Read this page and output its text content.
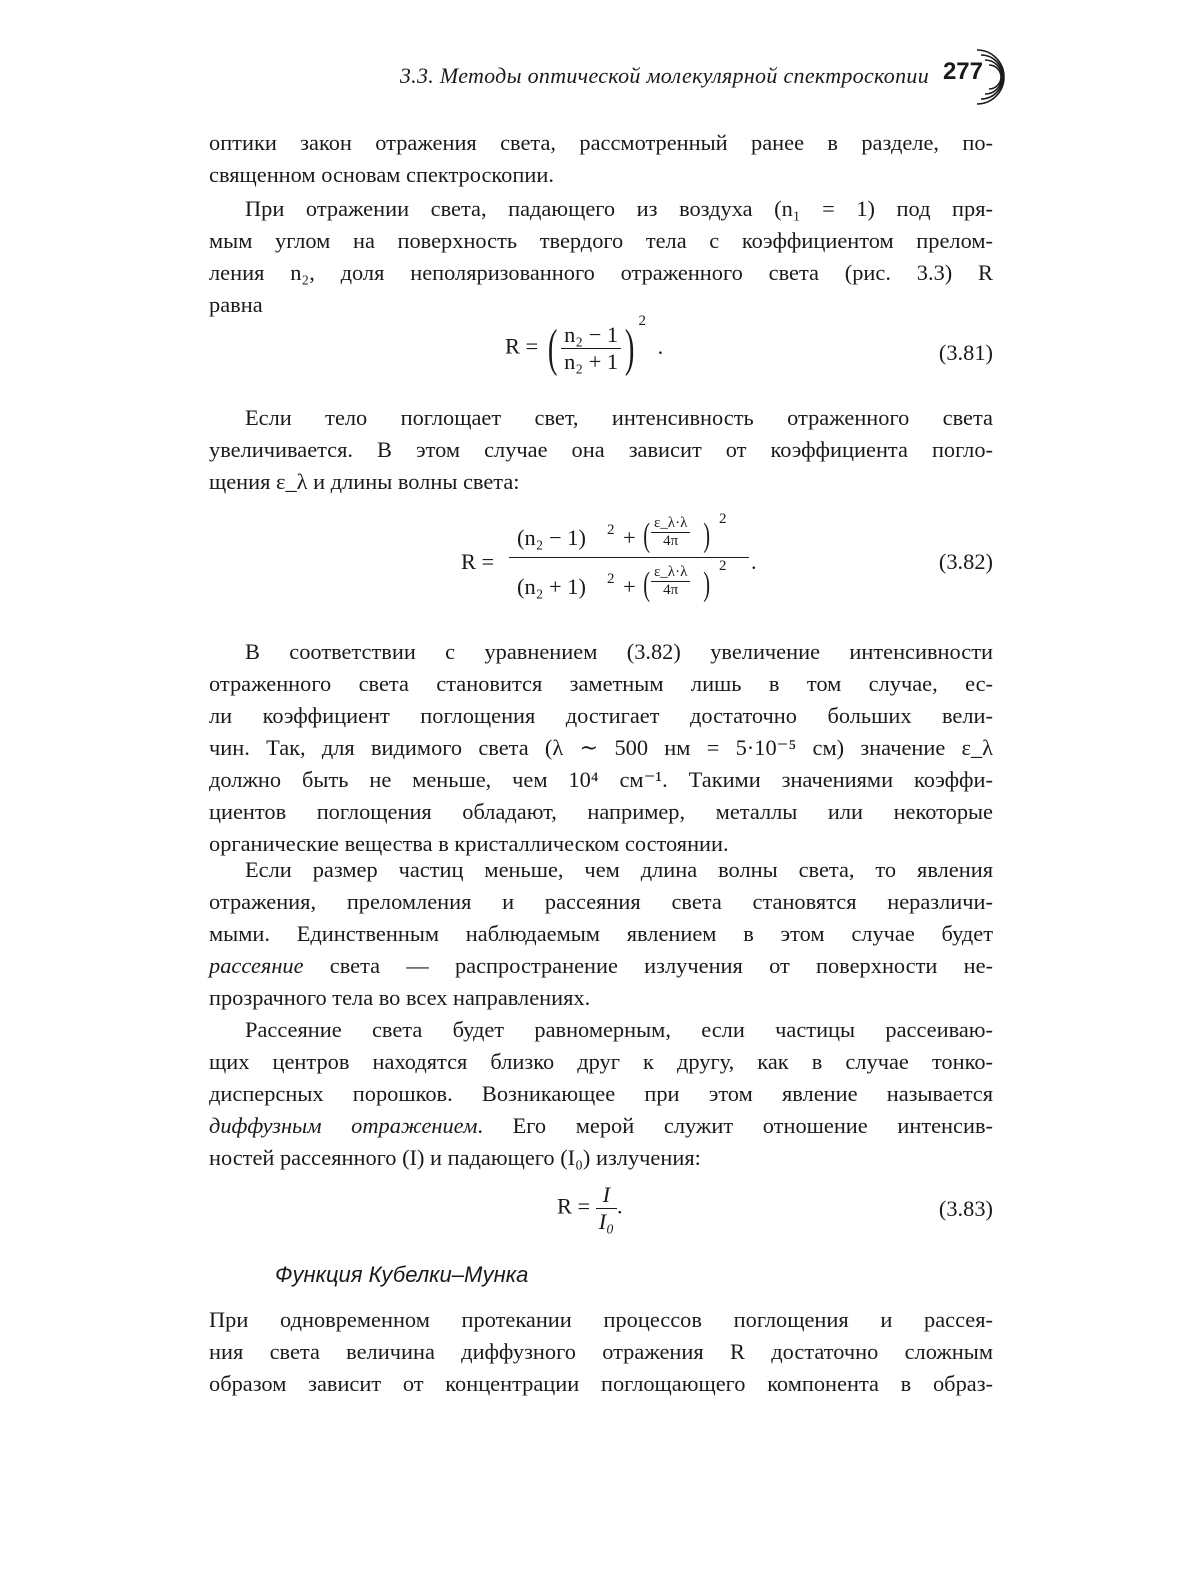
3.3. Методы оптической молекулярной спектроскопии 277
оптики закон отражения света, рассмотренный ранее в разделе, по-
священном основам спектроскопии.
При отражении света, падающего из воздуха (n₁ = 1) под пря-
мым углом на поверхность твердого тела с коэффициентом прелом-
ления n₂, доля неполяризованного отраженного света (рис. 3.3) R
равна
R = ( $\frac{\text{n₂ − 1}}{\text{n₂ + 1}}$ ) $^2$ .	(3.81)
Если тело поглощает свет, интенсивность отраженного света
увеличивается. В этом случае она зависит от коэффициента погло-
щения ε_λ и длины волны света:
R =
(n₂ − 1) 2 + ( $\frac{\varepsilon\_\lambda\cdot\lambda}{4\pi}$ ) 2
(n₂ + 1) 2 + ( $\frac{\varepsilon\_\lambda\cdot\lambda}{4\pi}$ ) 2 .	(3.82)
В соответствии с уравнением (3.82) увеличение интенсивности
отраженного света становится заметным лишь в том случае, ес-
ли коэффициент поглощения достигает достаточно больших вели-
чин. Так, для видимого света (λ ∼ 500 нм = 5·10⁻⁵ см) значение ε_λ
должно быть не меньше, чем 10⁴ см⁻¹. Такими значениями коэффи-
циентов поглощения обладают, например, металлы или некоторые
органические вещества в кристаллическом состоянии.
Если размер частиц меньше, чем длина волны света, то явления
отражения, преломления и рассеяния света становятся неразличи-
мыми. Единственным наблюдаемым явлением в этом случае будет
рассеяние света — распространение излучения от поверхности не-
прозрачного тела во всех направлениях.
Рассеяние света будет равномерным, если частицы рассеиваю-
щих центров находятся близко друг к другу, как в случае тонко-
дисперсных порошков. Возникающее при этом явление называется
диффузным отражением. Его мерой служит отношение интенсив-
ностей рассеянного (I) и падающего (I₀) излучения:
$R = \frac{I}{\text{I₀}}$ .	(3.83)
Функция Кубелки–Мунка
При одновременном протекании процессов поглощения и рассея-
ния света величина диффузного отражения R достаточно сложным
образом зависит от концентрации поглощающего компонента в образ-
